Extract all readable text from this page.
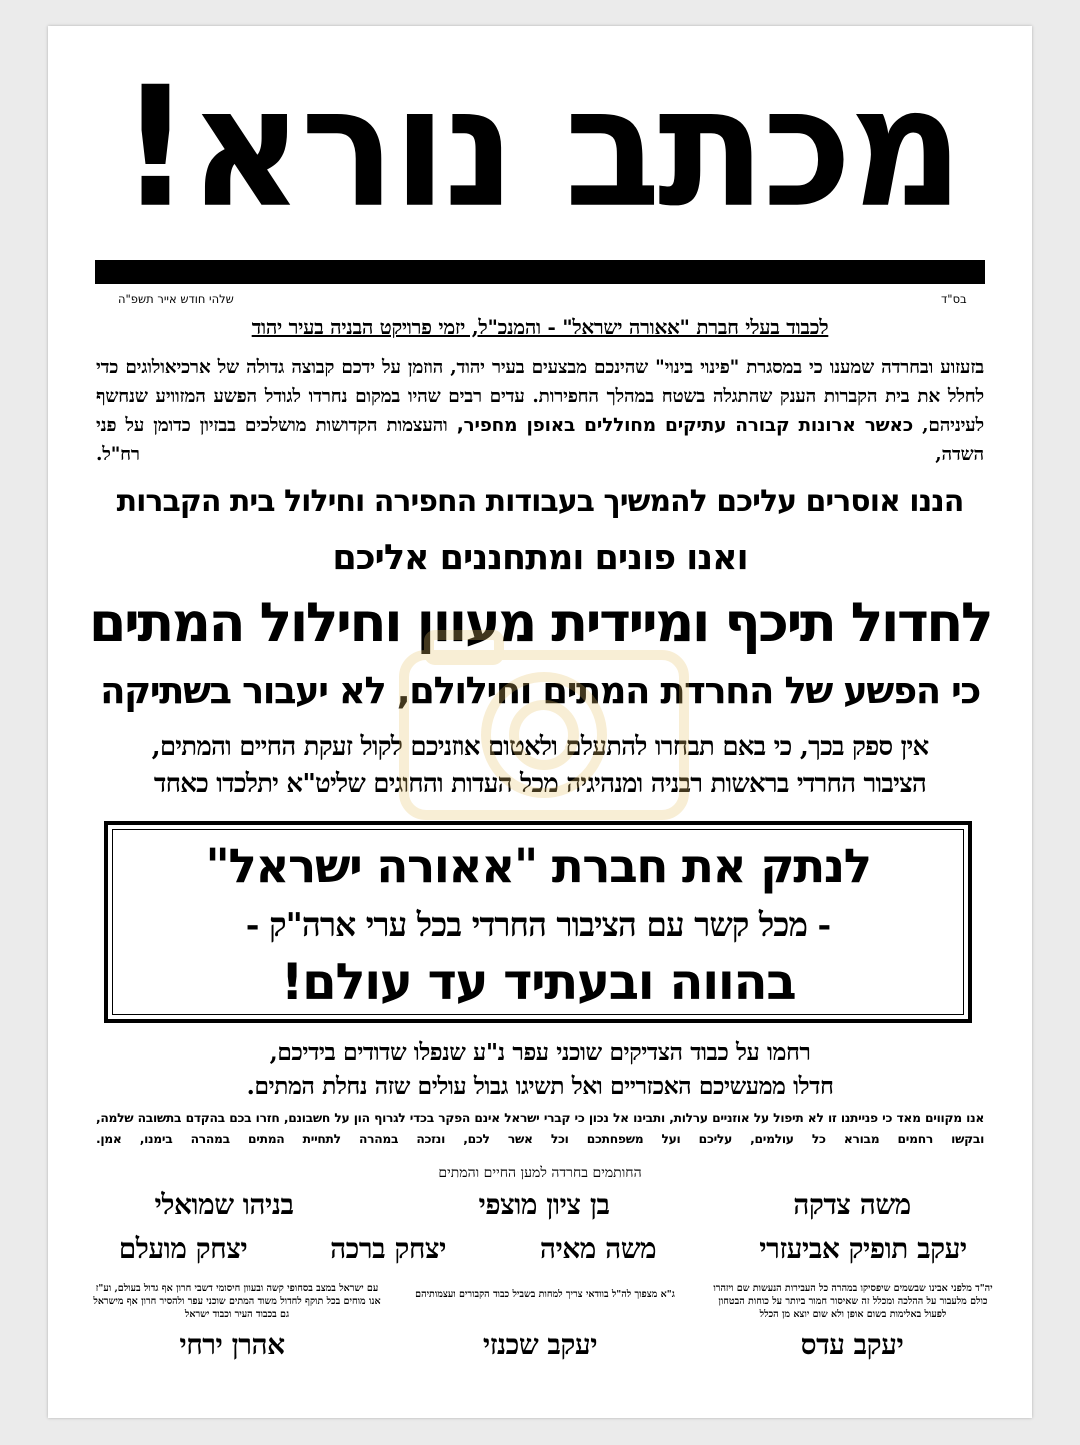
מכתב נורא!
בס"ד
שלהי חודש אייר תשפ"ה
לכבוד בעלי חברת "אאורה ישראל" - והמנכ"ל, יזמי פרויקט הבניה בעיר יהוד
בזעזוע ובחרדה שמענו כי במסגרת "פינוי בינוי" שהינכם מבצעים בעיר יהוד, הוזמן על ידכם קבוצה גדולה של ארכיאולוגים כדי לחלל את בית הקברות הענק שהתגלה בשטח במהלך החפירות. עדים רבים שהיו במקום נחרדו לגודל הפשע המזוויע שנחשף לעיניהם, כאשר ארונות קבורה עתיקים מחוללים באופן מחפיר, והעצמות הקדושות מושלכים בבזיון כדומן על פני השדה, רח"ל.
הננו אוסרים עליכם להמשיך בעבודות החפירה וחילול בית הקברות
ואנו פונים ומתחננים אליכם
לחדול תיכף ומיידית מעוון וחילול המתים
כי הפשע של החרדת המתים וחילולם, לא יעבור בשתיקה
אין ספק בכך, כי באם תבחרו להתעלם ולאטום אוזניכם לקול זעקת החיים והמתים,
הציבור החרדי בראשות רבניה ומנהיגיה מכל העדות והחוגים שליט"א יתלכדו כאחד
לנתק את חברת "אאורה ישראל"
- מכל קשר עם הציבור החרדי בכל ערי ארה"ק -
בהווה ובעתיד עד עולם!
רחמו על כבוד הצדיקים שוכני עפר נ"ע שנפלו שדודים בידיכם,
חדלו ממעשיכם האכזריים ואל תשיגו גבול עולים שזה נחלת המתים.
אנו מקווים מאד כי פנייתנו זו לא תיפול על אוזניים ערלות, ותבינו אל נכון כי קברי ישראל אינם הפקר בכדי לגרוף הון על חשבונם, חזרו בכם בהקדם בתשובה שלמה, ובקשו רחמים מבורא כל עולמים, עליכם ועל משפחתכם וכל אשר לכם, ונזכה במהרה לתחיית המתים במהרה בימנו, אמן.
החותמים בחרדה למען החיים והמתים
משה צדקה
בן ציון מוצפי
בניהו שמואלי
יעקב תופיק אביעזרי
משה מאיה
יצחק ברכה
יצחק מועלם
יה"ד מלפני אבינו שבשמים שיפסיקו במהרה כל העבירות הנעשות שם ויזהרו כולם מלעבור על ההלכה ומכלל זה שאיסור חמור ביותר על כוחות הבטחון לפעול באלימות בשום אופן ולא שום יוצא מן הכלל
ג"א מצפוך לה"ל בוודאי צריך למחות בשביל כבוד הקבורים ועצמותיהם
עם ישראל במצב בסחופי קשה ובעוון חיסומי דשבי חרון אף גדול בעולם, וע"ז אנו מוחים בכל תוקף לחדול משוד המתים שוכני עפר ולהסיר חרון אף מישראל גם בכבוד העיר וכבוד ישראל
יעקב עדס
יעקב שכנזי
אהרן ירחי
